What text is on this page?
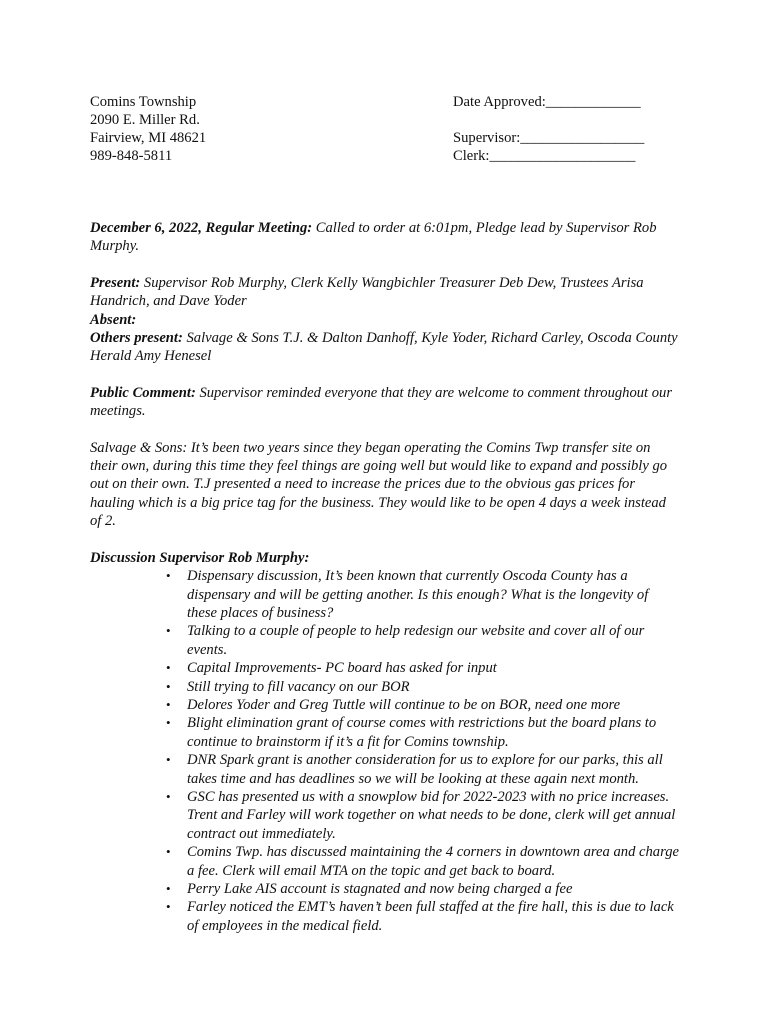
Comins Township
2090 E. Miller Rd.
Fairview, MI 48621
989-848-5811
Date Approved:_____________
Supervisor:_________________
Clerk:____________________

December 6, 2022, Regular Meeting: Called to order at 6:01pm, Pledge lead by Supervisor Rob Murphy.

Present: Supervisor Rob Murphy, Clerk Kelly Wangbichler Treasurer Deb Dew, Trustees Arisa Handrich, and Dave Yoder

Absent:

Others present: Salvage & Sons T.J. & Dalton Danhoff, Kyle Yoder, Richard Carley, Oscoda County Herald Amy Henesel

Public Comment: Supervisor reminded everyone that they are welcome to comment throughout our meetings.

Salvage & Sons: It’s been two years since they began operating the Comins Twp transfer site on their own, during this time they feel things are going well but would like to expand and possibly go out on their own. T.J presented a need to increase the prices due to the obvious gas prices for hauling which is a big price tag for the business. They would like to be open 4 days a week instead of 2.

Discussion Supervisor Rob Murphy:
• Dispensary discussion, It’s been known that currently Oscoda County has a dispensary and will be getting another. Is this enough? What is the longevity of these places of business?
• Talking to a couple of people to help redesign our website and cover all of our events.
• Capital Improvements- PC board has asked for input
• Still trying to fill vacancy on our BOR
• Delores Yoder and Greg Tuttle will continue to be on BOR, need one more
• Blight elimination grant of course comes with restrictions but the board plans to continue to brainstorm if it’s a fit for Comins township.
• DNR Spark grant is another consideration for us to explore for our parks, this all takes time and has deadlines so we will be looking at these again next month.
• GSC has presented us with a snowplow bid for 2022-2023 with no price increases. Trent and Farley will work together on what needs to be done, clerk will get annual contract out immediately.
• Comins Twp. has discussed maintaining the 4 corners in downtown area and charge a fee. Clerk will email MTA on the topic and get back to board.
• Perry Lake AIS account is stagnated and now being charged a fee
• Farley noticed the EMT’s haven’t been full staffed at the fire hall, this is due to lack of employees in the medical field.
